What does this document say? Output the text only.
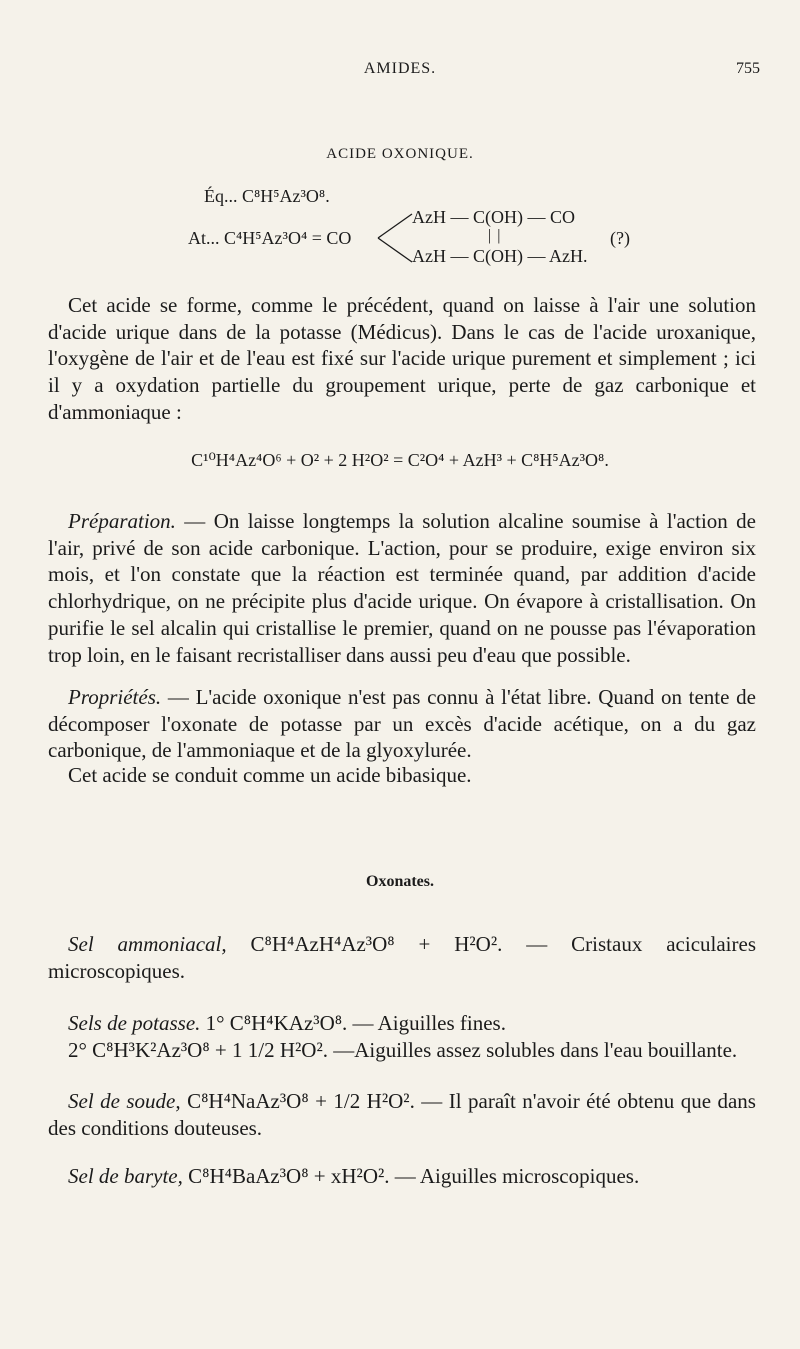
AMIDES.	755
ACIDE OXONIQUE.
Éq... C⁸H⁵Az³O⁸.
At... C⁴H⁵Az³O⁴ = CO
AzH — C(OH) — CO
| |
AzH — C(OH) — AzH.
(?)
Cet acide se forme, comme le précédent, quand on laisse à l'air une solution d'acide urique dans de la potasse (Médicus). Dans le cas de l'acide uroxanique, l'oxygène de l'air et de l'eau est fixé sur l'acide urique purement et simplement ; ici il y a oxydation partielle du groupement urique, perte de gaz carbonique et d'ammoniaque :
C¹⁰H⁴Az⁴O⁶ + O² + 2 H²O² = C²O⁴ + AzH³ + C⁸H⁵Az³O⁸.
Préparation. — On laisse longtemps la solution alcaline soumise à l'action de l'air, privé de son acide carbonique. L'action, pour se produire, exige environ six mois, et l'on constate que la réaction est terminée quand, par addition d'acide chlorhydrique, on ne précipite plus d'acide urique. On évapore à cristallisation. On purifie le sel alcalin qui cristallise le premier, quand on ne pousse pas l'évaporation trop loin, en le faisant recristalliser dans aussi peu d'eau que possible.
Propriétés. — L'acide oxonique n'est pas connu à l'état libre. Quand on tente de décomposer l'oxonate de potasse par un excès d'acide acétique, on a du gaz carbonique, de l'ammoniaque et de la glyoxylurée.
Cet acide se conduit comme un acide bibasique.
Oxonates.
Sel ammoniacal, C⁸H⁴AzH⁴Az³O⁸ + H²O². — Cristaux aciculaires microscopiques.
Sels de potasse. 1° C⁸H⁴KAz³O⁸. — Aiguilles fines.
2° C⁸H³K²Az³O⁸ + 1 1/2 H²O². —Aiguilles assez solubles dans l'eau bouillante.
Sel de soude, C⁸H⁴NaAz³O⁸ + 1/2 H²O². — Il paraît n'avoir été obtenu que dans des conditions douteuses.
Sel de baryte, C⁸H⁴BaAz³O⁸ + xH²O². — Aiguilles microscopiques.
